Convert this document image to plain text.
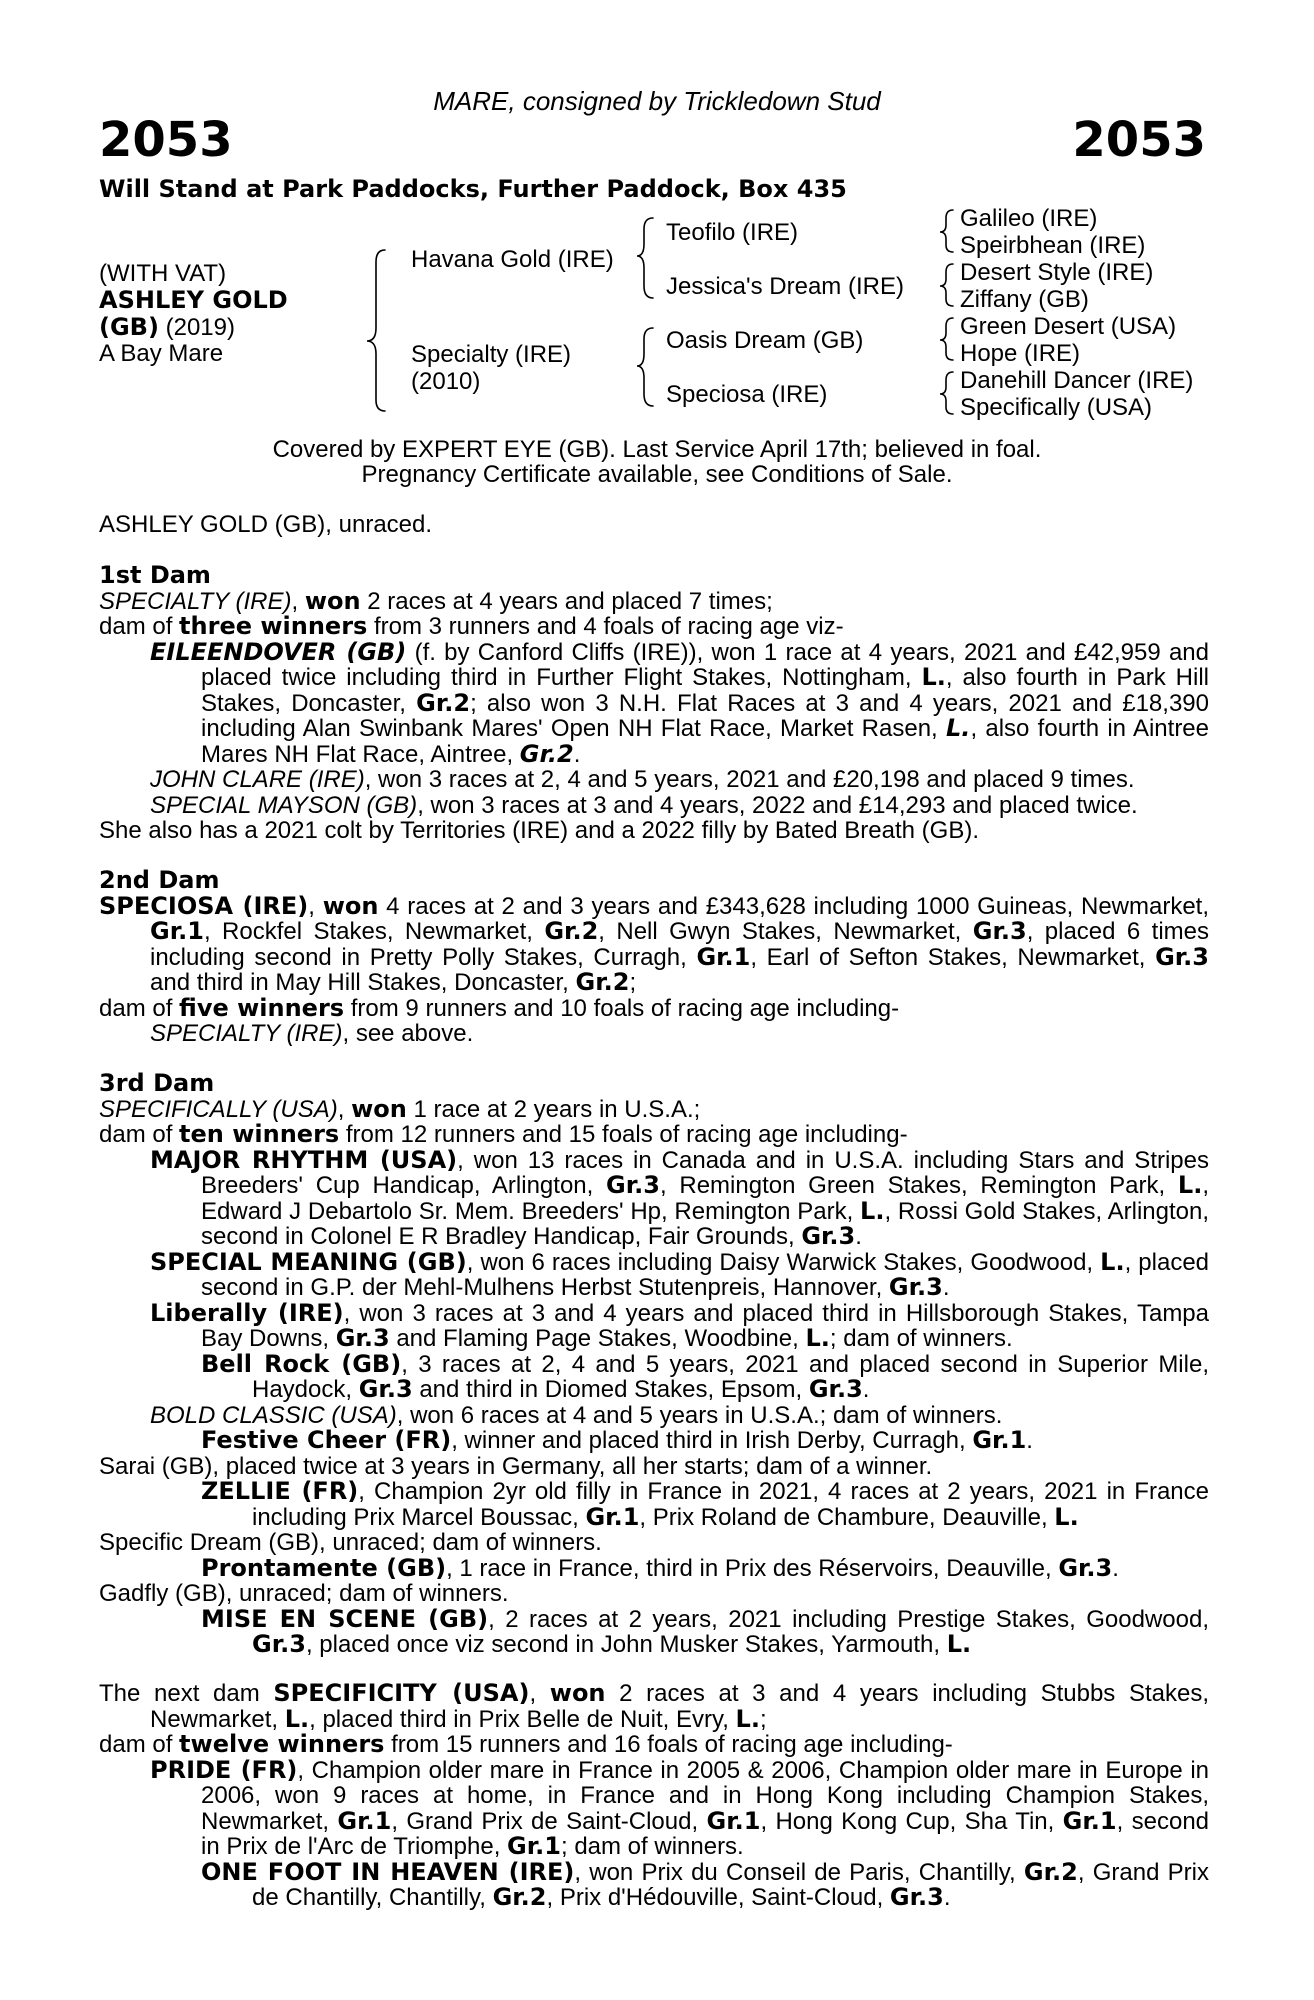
MARE, consigned by Trickledown Stud
2053	2053
Will Stand at Park Paddocks, Further Paddock, Box 435
(WITH VAT)
ASHLEY GOLD
(GB) (2019)
A Bay Mare
Havana Gold (IRE)
Specialty (IRE)
(2010)
Teofilo (IRE)
Jessica's Dream (IRE)
Oasis Dream (GB)
Speciosa (IRE)
Galileo (IRE)
Speirbhean (IRE)
Desert Style (IRE)
Ziffany (GB)
Green Desert (USA)
Hope (IRE)
Danehill Dancer (IRE)
Specifically (USA)
Covered by EXPERT EYE (GB). Last Service April 17th; believed in foal.
Pregnancy Certificate available, see Conditions of Sale.

ASHLEY GOLD (GB), unraced.

1st Dam

SPECIALTY (IRE), won 2 races at 4 years and placed 7 times;

dam of three winners from 3 runners and 4 foals of racing age viz-

EILEENDOVER (GB) (f. by Canford Cliffs (IRE)), won 1 race at 4 years, 2021 and £42,959 and placed twice including third in Further Flight Stakes, Nottingham, L., also fourth in Park Hill Stakes, Doncaster, Gr.2; also won 3 N.H. Flat Races at 3 and 4 years, 2021 and £18,390 including Alan Swinbank Mares' Open NH Flat Race, Market Rasen, L., also fourth in Aintree Mares NH Flat Race, Aintree, Gr.2.

JOHN CLARE (IRE), won 3 races at 2, 4 and 5 years, 2021 and £20,198 and placed 9 times.

SPECIAL MAYSON (GB), won 3 races at 3 and 4 years, 2022 and £14,293 and placed twice.

She also has a 2021 colt by Territories (IRE) and a 2022 filly by Bated Breath (GB).

2nd Dam

SPECIOSA (IRE), won 4 races at 2 and 3 years and £343,628 including 1000 Guineas, Newmarket, Gr.1, Rockfel Stakes, Newmarket, Gr.2, Nell Gwyn Stakes, Newmarket, Gr.3, placed 6 times including second in Pretty Polly Stakes, Curragh, Gr.1, Earl of Sefton Stakes, Newmarket, Gr.3 and third in May Hill Stakes, Doncaster, Gr.2;

dam of five winners from 9 runners and 10 foals of racing age including-

SPECIALTY (IRE), see above.

3rd Dam

SPECIFICALLY (USA), won 1 race at 2 years in U.S.A.;

dam of ten winners from 12 runners and 15 foals of racing age including-

MAJOR RHYTHM (USA), won 13 races in Canada and in U.S.A. including Stars and Stripes Breeders' Cup Handicap, Arlington, Gr.3, Remington Green Stakes, Remington Park, L., Edward J Debartolo Sr. Mem. Breeders' Hp, Remington Park, L., Rossi Gold Stakes, Arlington, second in Colonel E R Bradley Handicap, Fair Grounds, Gr.3.

SPECIAL MEANING (GB), won 6 races including Daisy Warwick Stakes, Goodwood, L., placed second in G.P. der Mehl-Mulhens Herbst Stutenpreis, Hannover, Gr.3.

Liberally (IRE), won 3 races at 3 and 4 years and placed third in Hillsborough Stakes, Tampa Bay Downs, Gr.3 and Flaming Page Stakes, Woodbine, L.; dam of winners.

Bell Rock (GB), 3 races at 2, 4 and 5 years, 2021 and placed second in Superior Mile, Haydock, Gr.3 and third in Diomed Stakes, Epsom, Gr.3.

BOLD CLASSIC (USA), won 6 races at 4 and 5 years in U.S.A.; dam of winners.

Festive Cheer (FR), winner and placed third in Irish Derby, Curragh, Gr.1.

Sarai (GB), placed twice at 3 years in Germany, all her starts; dam of a winner.

ZELLIE (FR), Champion 2yr old filly in France in 2021, 4 races at 2 years, 2021 in France including Prix Marcel Boussac, Gr.1, Prix Roland de Chambure, Deauville, L.

Specific Dream (GB), unraced; dam of winners.

Prontamente (GB), 1 race in France, third in Prix des Réservoirs, Deauville, Gr.3.

Gadfly (GB), unraced; dam of winners.

MISE EN SCENE (GB), 2 races at 2 years, 2021 including Prestige Stakes, Goodwood, Gr.3, placed once viz second in John Musker Stakes, Yarmouth, L.

The next dam SPECIFICITY (USA), won 2 races at 3 and 4 years including Stubbs Stakes, Newmarket, L., placed third in Prix Belle de Nuit, Evry, L.;

dam of twelve winners from 15 runners and 16 foals of racing age including-

PRIDE (FR), Champion older mare in France in 2005 & 2006, Champion older mare in Europe in 2006, won 9 races at home, in France and in Hong Kong including Champion Stakes, Newmarket, Gr.1, Grand Prix de Saint-Cloud, Gr.1, Hong Kong Cup, Sha Tin, Gr.1, second in Prix de l'Arc de Triomphe, Gr.1; dam of winners.

ONE FOOT IN HEAVEN (IRE), won Prix du Conseil de Paris, Chantilly, Gr.2, Grand Prix de Chantilly, Chantilly, Gr.2, Prix d'Hédouville, Saint-Cloud, Gr.3.
